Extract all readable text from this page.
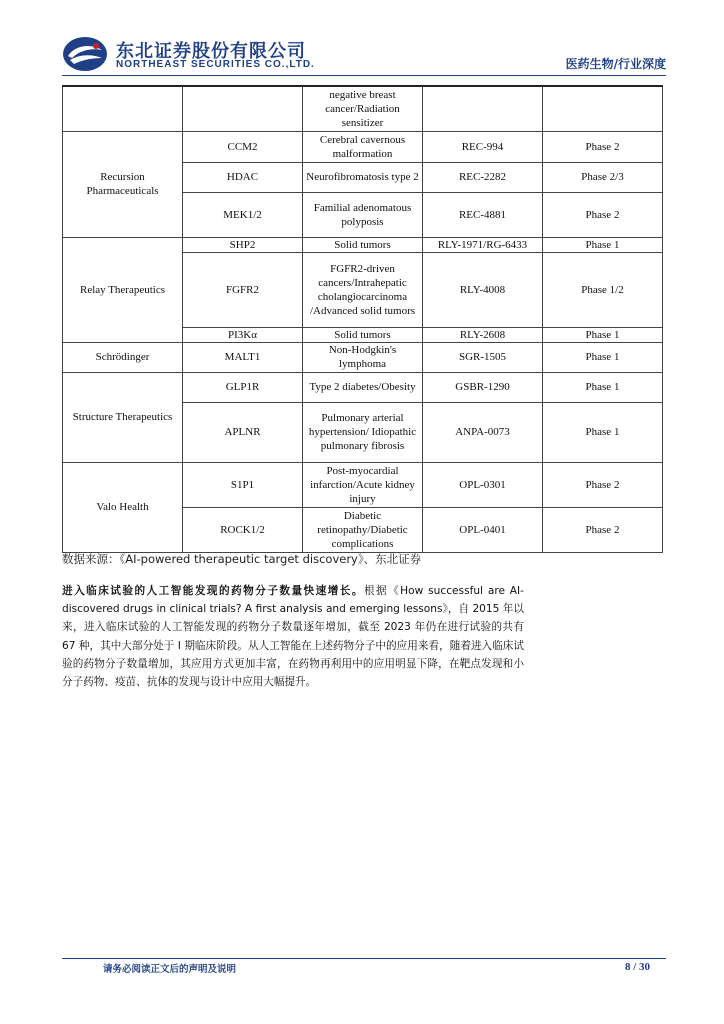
东北证券股份有限公司
NORTHEAST SECURITIES CO.,LTD.	医药生物/行业深度
		negative breast cancer/Radiation sensitizer		
Recursion Pharmaceuticals	CCM2	Cerebral cavernous malformation	REC-994	Phase 2
	HDAC	Neurofibromatosis type 2	REC-2282	Phase 2/3
	MEK1/2	Familial adenomatous polyposis	REC-4881	Phase 2
Relay Therapeutics	SHP2	Solid tumors	RLY-1971/RG-6433	Phase 1
	FGFR2	FGFR2-driven cancers/Intrahepatic cholangiocarcinoma /Advanced solid tumors	RLY-4008	Phase 1/2
	PI3Kα	Solid tumors	RLY-2608	Phase 1
Schrödinger	MALT1	Non-Hodgkin's lymphoma	SGR-1505	Phase 1
Structure Therapeutics	GLP1R	Type 2 diabetes/Obesity	GSBR-1290	Phase 1
	APLNR	Pulmonary arterial hypertension/ Idiopathic pulmonary fibrosis	ANPA-0073	Phase 1
Valo Health	S1P1	Post-myocardial infarction/Acute kidney injury	OPL-0301	Phase 2
	ROCK1/2	Diabetic retinopathy/Diabetic complications	OPL-0401	Phase 2
数据来源：《AI-powered therapeutic target discovery》、东北证券
进入临床试验的人工智能发现的药物分子数量快速增长。根据《How successful are AI-discovered drugs in clinical trials? A first analysis and emerging lessons》，自 2015 年以来，进入临床试验的人工智能发现的药物分子数量逐年增加，截至 2023 年仍在进行试验的共有 67 种，其中大部分处于 I 期临床阶段。从人工智能在上述药物分子中的应用来看，随着进入临床试验的药物分子数量增加，其应用方式更加丰富，在药物再利用中的应用明显下降，在靶点发现和小分子药物、疫苗、抗体的发现与设计中应用大幅提升。
请务必阅读正文后的声明及说明	8 / 30
